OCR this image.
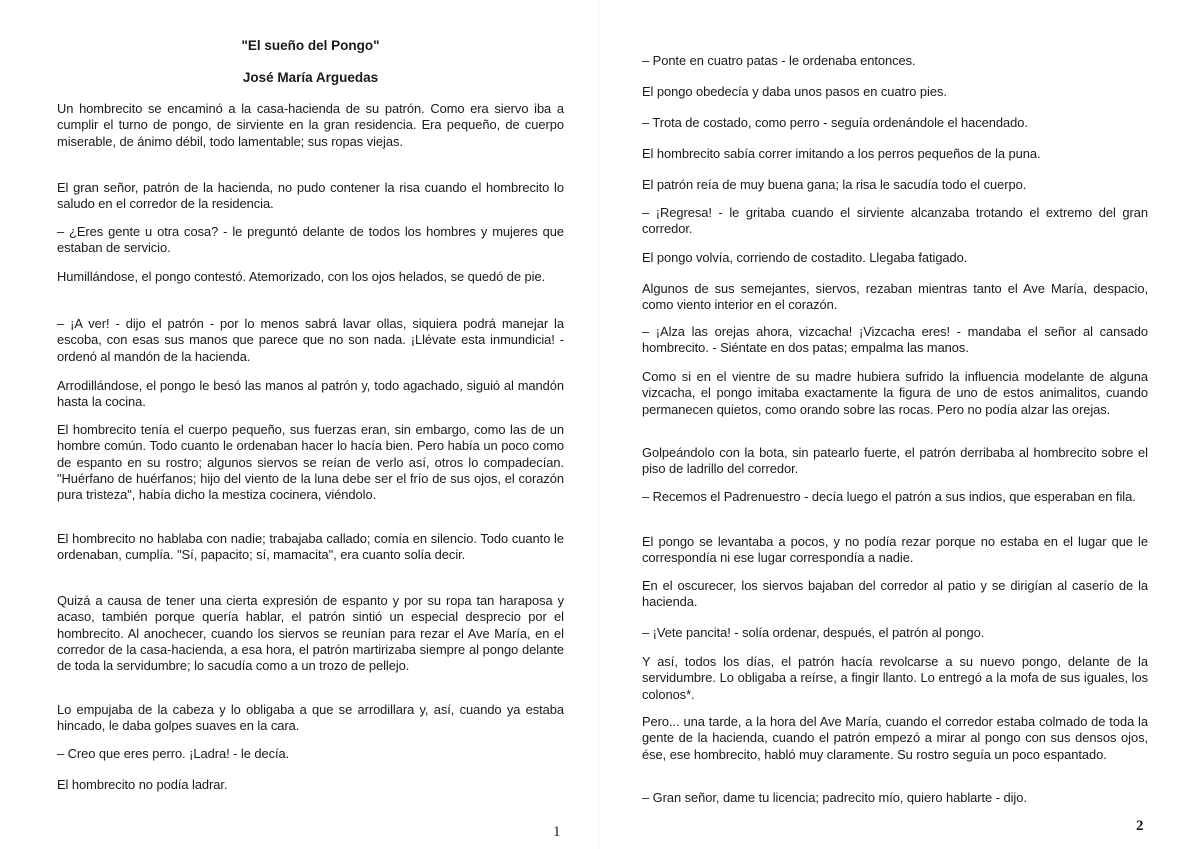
"El sueño del Pongo"

José María Arguedas

Un hombrecito se encaminó a la casa-hacienda de su patrón. Como era siervo iba a cumplir el turno de pongo, de sirviente en la gran residencia. Era pequeño, de cuerpo miserable, de ánimo débil, todo lamentable; sus ropas viejas.

El gran señor, patrón de la hacienda, no pudo contener la risa cuando el hombrecito lo saludo en el corredor de la residencia.

– ¿Eres gente u otra cosa? - le preguntó delante de todos los hombres y mujeres que estaban de servicio.

Humillándose, el pongo contestó. Atemorizado, con los ojos helados, se quedó de pie.

– ¡A ver! - dijo el patrón - por lo menos sabrá lavar ollas, siquiera podrá manejar la escoba, con esas sus manos que parece que no son nada. ¡Llévate esta inmundicia! - ordenó al mandón de la hacienda.

Arrodillándose, el pongo le besó las manos al patrón y, todo agachado, siguió al mandón hasta la cocina.

El hombrecito tenía el cuerpo pequeño, sus fuerzas eran, sin embargo, como las de un hombre común. Todo cuanto le ordenaban hacer lo hacía bien. Pero había un poco como de espanto en su rostro; algunos siervos se reían de verlo así, otros lo compadecían. "Huérfano de huérfanos; hijo del viento de la luna debe ser el frío de sus ojos, el corazón pura tristeza", había dicho la mestiza cocinera, viéndolo.

El hombrecito no hablaba con nadie; trabajaba callado; comía en silencio. Todo cuanto le ordenaban, cumplía. "Sí, papacito; sí, mamacita", era cuanto solía decir.

Quizá a causa de tener una cierta expresión de espanto y por su ropa tan haraposa y acaso, también porque quería hablar, el patrón sintió un especial desprecio por el hombrecito. Al anochecer, cuando los siervos se reunían para rezar el Ave María, en el corredor de la casa-hacienda, a esa hora, el patrón martirizaba siempre al pongo delante de toda la servidumbre; lo sacudía como a un trozo de pellejo.

Lo empujaba de la cabeza y lo obligaba a que se arrodillara y, así, cuando ya estaba hincado, le daba golpes suaves en la cara.

– Creo que eres perro. ¡Ladra! - le decía.

El hombrecito no podía ladrar.

1

– Ponte en cuatro patas - le ordenaba entonces.

El pongo obedecía y daba unos pasos en cuatro pies.

– Trota de costado, como perro - seguía ordenándole el hacendado.

El hombrecito sabía correr imitando a los perros pequeños de la puna.

El patrón reía de muy buena gana; la risa le sacudía todo el cuerpo.

– ¡Regresa! - le gritaba cuando el sirviente alcanzaba trotando el extremo del gran corredor.

El pongo volvía, corriendo de costadito. Llegaba fatigado.

Algunos de sus semejantes, siervos, rezaban mientras tanto el Ave María, despacio, como viento interior en el corazón.

– ¡Alza las orejas ahora, vizcacha! ¡Vizcacha eres! - mandaba el señor al cansado hombrecito. - Siéntate en dos patas; empalma las manos.

Como si en el vientre de su madre hubiera sufrido la influencia modelante de alguna vizcacha, el pongo imitaba exactamente la figura de uno de estos animalitos, cuando permanecen quietos, como orando sobre las rocas. Pero no podía alzar las orejas.

Golpeándolo con la bota, sin patearlo fuerte, el patrón derribaba al hombrecito sobre el piso de ladrillo del corredor.

– Recemos el Padrenuestro - decía luego el patrón a sus indios, que esperaban en fila.

El pongo se levantaba a pocos, y no podía rezar porque no estaba en el lugar que le correspondía ni ese lugar correspondía a nadie.

En el oscurecer, los siervos bajaban del corredor al patio y se dirigían al caserío de la hacienda.

– ¡Vete pancita! - solía ordenar, después, el patrón al pongo.

Y así, todos los días, el patrón hacía revolcarse a su nuevo pongo, delante de la servidumbre. Lo obligaba a reírse, a fingir llanto. Lo entregó a la mofa de sus iguales, los colonos*.

Pero... una tarde, a la hora del Ave María, cuando el corredor estaba colmado de toda la gente de la hacienda, cuando el patrón empezó a mirar al pongo con sus densos ojos, ése, ese hombrecito, habló muy claramente. Su rostro seguía un poco espantado.

– Gran señor, dame tu licencia; padrecito mío, quiero hablarte - dijo.

2
